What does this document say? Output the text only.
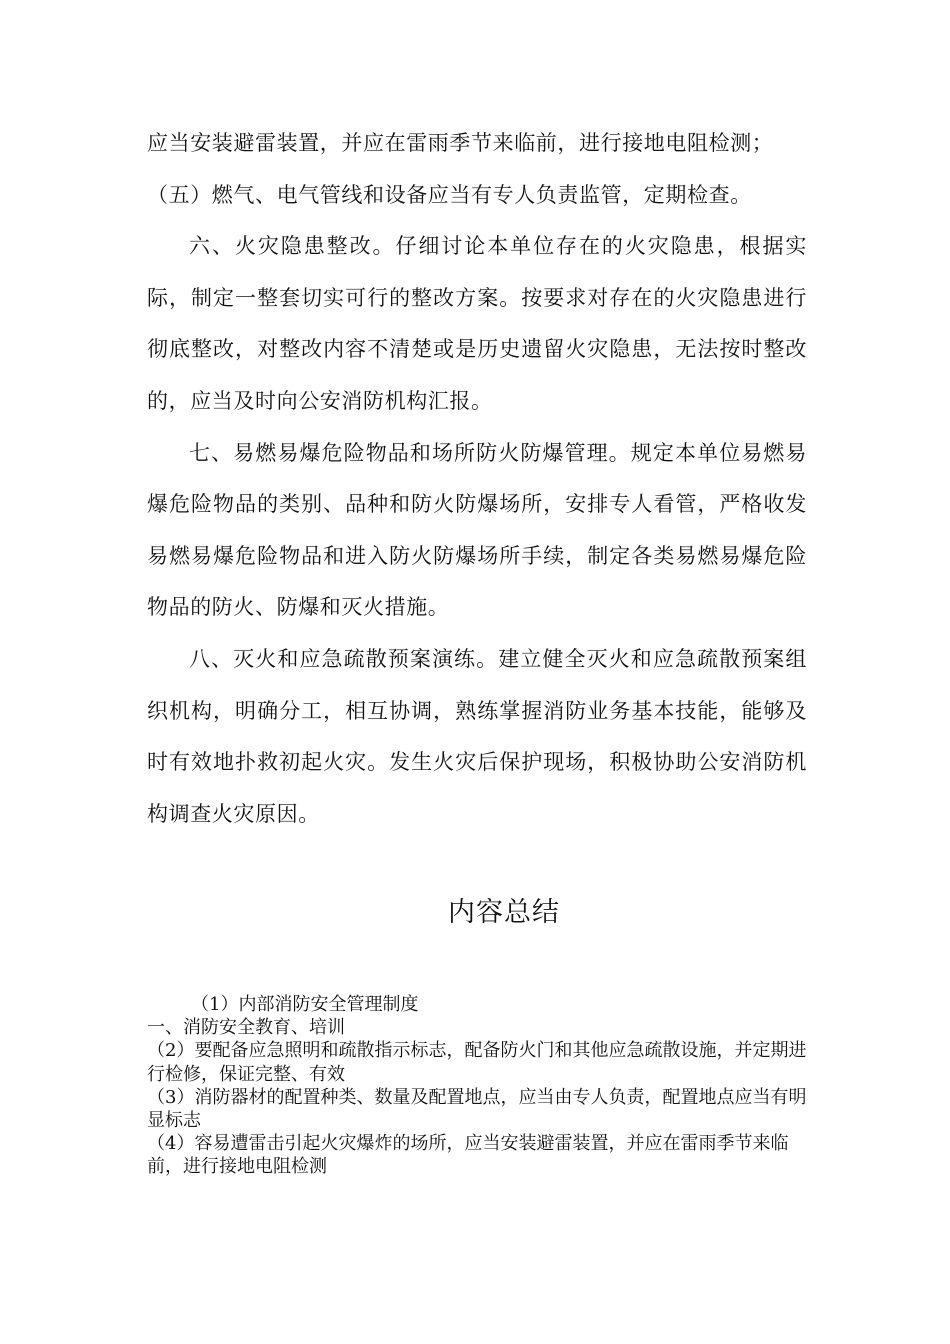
应当安装避雷装置，并应在雷雨季节来临前，进行接地电阻检测；

（五）燃气、电气管线和设备应当有专人负责监管，定期检查。

六、火灾隐患整改。仔细讨论本单位存在的火灾隐患，根据实际，制定一整套切实可行的整改方案。按要求对存在的火灾隐患进行彻底整改，对整改内容不清楚或是历史遗留火灾隐患，无法按时整改的，应当及时向公安消防机构汇报。

七、易燃易爆危险物品和场所防火防爆管理。规定本单位易燃易爆危险物品的类别、品种和防火防爆场所，安排专人看管，严格收发易燃易爆危险物品和进入防火防爆场所手续，制定各类易燃易爆危险物品的防火、防爆和灭火措施。

八、灭火和应急疏散预案演练。建立健全灭火和应急疏散预案组织机构，明确分工，相互协调，熟练掌握消防业务基本技能，能够及时有效地扑救初起火灾。发生火灾后保护现场，积极协助公安消防机构调查火灾原因。

内容总结

（1）内部消防安全管理制度

一、消防安全教育、培训

（2）要配备应急照明和疏散指示标志，配备防火门和其他应急疏散设施，并定期进行检修，保证完整、有效

（3）消防器材的配置种类、数量及配置地点，应当由专人负责，配置地点应当有明显标志

（4）容易遭雷击引起火灾爆炸的场所，应当安装避雷装置，并应在雷雨季节来临前，进行接地电阻检测
